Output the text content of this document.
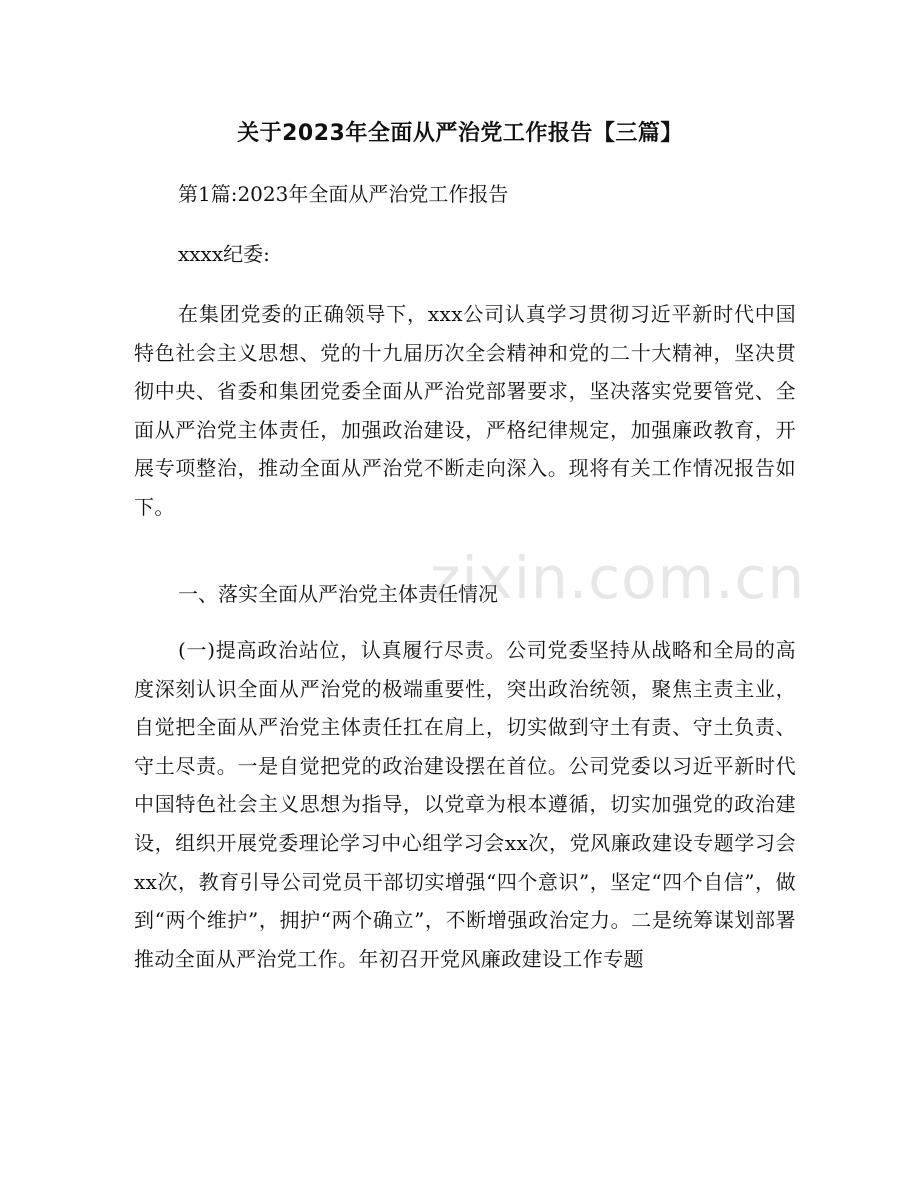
关于2023年全面从严治党工作报告【三篇】
第1篇:2023年全面从严治党工作报告
xxxx纪委:
在集团党委的正确领导下，xxx公司认真学习贯彻习近平新时代中国特色社会主义思想、党的十九届历次全会精神和党的二十大精神，坚决贯彻中央、省委和集团党委全面从严治党部署要求，坚决落实党要管党、全面从严治党主体责任，加强政治建设，严格纪律规定，加强廉政教育，开展专项整治，推动全面从严治党不断走向深入。现将有关工作情况报告如下。
一、落实全面从严治党主体责任情况
(一)提高政治站位，认真履行尽责。公司党委坚持从战略和全局的高度深刻认识全面从严治党的极端重要性，突出政治统领，聚焦主责主业，自觉把全面从严治党主体责任扛在肩上，切实做到守土有责、守土负责、守土尽责。一是自觉把党的政治建设摆在首位。公司党委以习近平新时代中国特色社会主义思想为指导，以党章为根本遵循，切实加强党的政治建设，组织开展党委理论学习中心组学习会xx次，党风廉政建设专题学习会xx次，教育引导公司党员干部切实增强“四个意识”，坚定“四个自信”，做到“两个维护”，拥护“两个确立”，不断增强政治定力。二是统筹谋划部署推动全面从严治党工作。年初召开党风廉政建设工作专题
zixin.com.cn
